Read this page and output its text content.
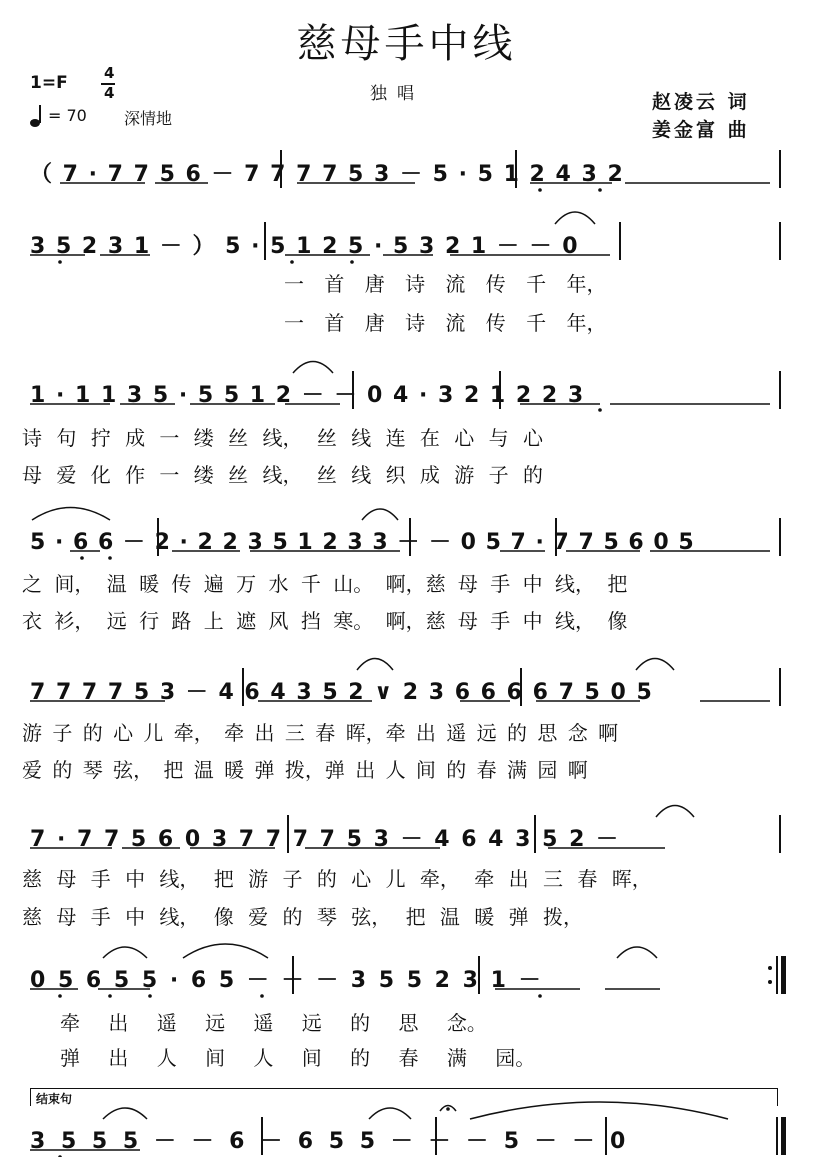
慈母手中线
1=F 4
4
= 70 深情地
独唱	赵凌云 词
姜金富 曲
（ 7 · 7 7 5 6 － 7 7 7 7 5 3 － 5 · 5 1 2 4 3 2
3 5 2 3 1 － ） 5 · 5 1 2 5 · 5 3 2 1 － － 0
一 首 唐 诗 流 传 千 年，
一 首 唐 诗 流 传 千 年，
1 · 1 1 3 5 · 5 5 1 2 － － 0 4 · 3 2 1 2 2 3
诗 句 拧 成 一 缕 丝 线， 丝 线 连 在 心 与 心
母 爱 化 作 一 缕 丝 线， 丝 线 织 成 游 子 的
5 · 6 6 － 2 · 2 2 3 5 1 2 3 3 － － 0 5 7 · 7 7 5 6 0 5
之 间， 温 暖 传 遍 万 水 千 山。 啊，慈 母 手 中 线， 把
衣 衫， 远 行 路 上 遮 风 挡 寒。 啊，慈 母 手 中 线， 像
7 7 7 7 5 3 － 4 6 4 3 5 2 ∨ 2 3 6 6 6 6 7 5 0 5
游 子 的 心 儿 牵， 牵 出 三 春 晖，牵 出 遥 远 的 思 念 啊
爱 的 琴 弦， 把 温 暖 弹 拨，弹 出 人 间 的 春 满 园 啊
7 · 7 7 5 6 0 3 7 7 7 7 5 3 － 4 6 4 3 5 2 －
慈 母 手 中 线， 把 游 子 的 心 儿 牵， 牵 出 三 春 晖，
慈 母 手 中 线， 像 爱 的 琴 弦， 把 温 暖 弹 拨，
0 5 6 5 5 · 6 5 － － － 3 5 5 2 3 1 －
牵 出 遥 远 遥 远 的 思 念。
弹 出 人 间 人 间 的 春 满 园。
结束句
3 5 5 5 － － 6 － 6 5 5 － － － 5 － － 0
